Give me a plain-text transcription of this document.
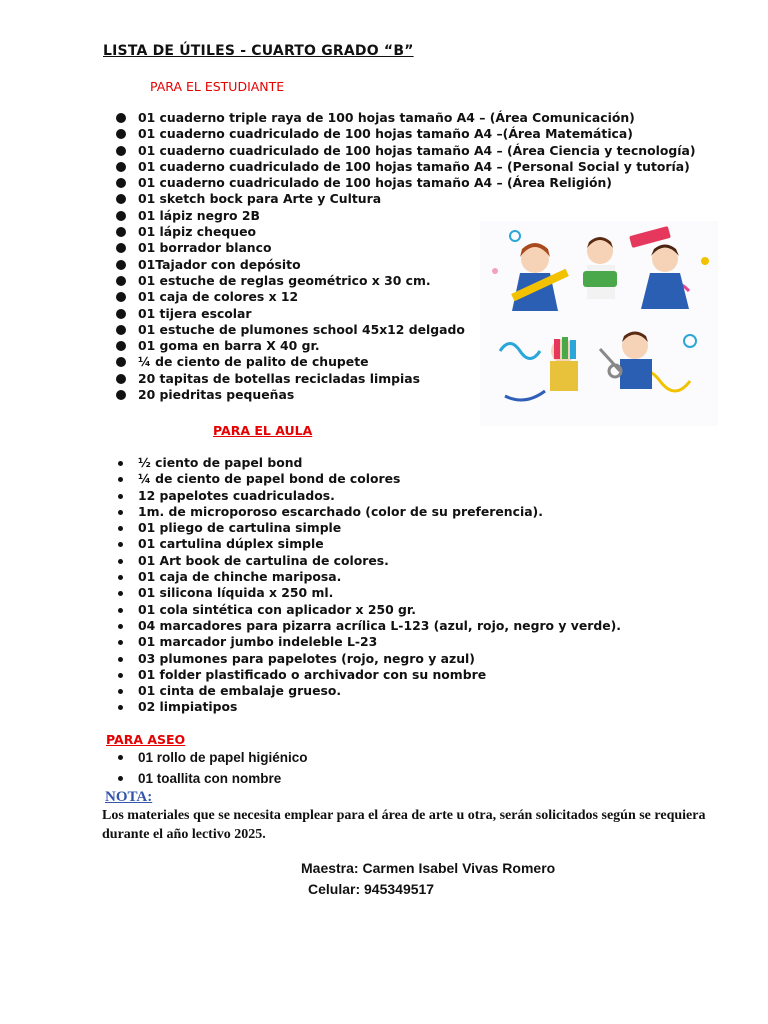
LISTA DE ÚTILES - CUARTO GRADO “B”
PARA EL ESTUDIANTE
01 cuaderno triple raya de 100 hojas tamaño A4 – (Área Comunicación)
01 cuaderno cuadriculado de 100 hojas tamaño A4 –(Área Matemática)
01 cuaderno cuadriculado de 100 hojas tamaño A4 – (Área Ciencia y tecnología)
01 cuaderno cuadriculado de 100 hojas tamaño A4 – (Personal Social y tutoría)
01 cuaderno cuadriculado de 100 hojas tamaño A4 – (Área Religión)
01 sketch bock para Arte y Cultura
01 lápiz negro 2B
01 lápiz chequeo
01 borrador blanco
01Tajador con depósito
01 estuche de reglas geométrico x 30 cm.
01 caja de colores x 12
01 tijera escolar
01 estuche de plumones school 45x12 delgado
01 goma en barra X 40 gr.
¼ de ciento de palito de chupete
20 tapitas de botellas recicladas limpias
20 piedritas pequeñas
PARA EL AULA
½ ciento de papel bond
¼ de ciento de papel bond de colores
12 papelotes cuadriculados.
1m. de microporoso escarchado (color de su preferencia).
01 pliego de cartulina simple
01 cartulina dúplex simple
01 Art book de cartulina de colores.
01 caja de chinche mariposa.
01 silicona líquida x 250 ml.
01 cola sintética con aplicador x 250 gr.
04 marcadores para pizarra acrílica L-123 (azul, rojo, negro y verde).
01 marcador jumbo indeleble L-23
03 plumones para papelotes (rojo, negro y azul)
01 folder plastificado o archivador con su nombre
01 cinta de embalaje grueso.
02 limpiatipos
PARA ASEO
01 rollo de papel higiénico
01 toallita con nombre
NOTA:
Los materiales que se necesita emplear para el área de arte u otra, serán solicitados según se requiera durante el año lectivo 2025.
Maestra: Carmen Isabel Vivas Romero
Celular: 945349517
